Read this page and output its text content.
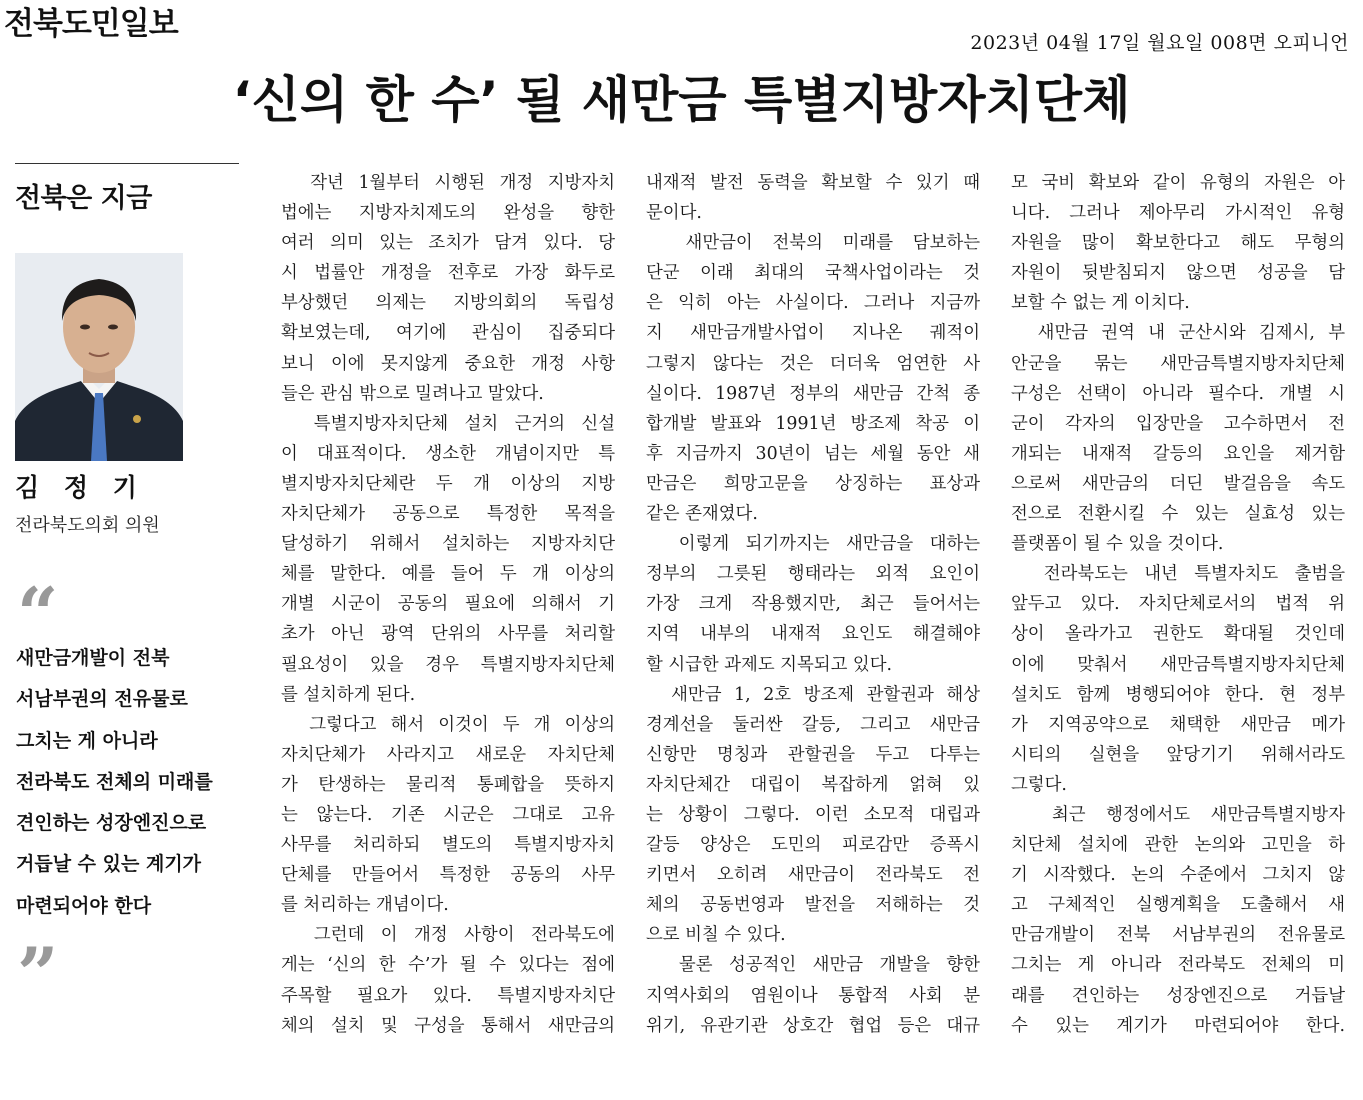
전북도민일보
2023년 04월 17일 월요일 008면 오피니언
‘신의 한 수’ 될 새만금 특별지방자치단체
전북은 지금
김 정 기
전라북도의회 의원
“
새만금개발이 전북
서남부권의 전유물로
그치는 게 아니라
전라북도 전체의 미래를
견인하는 성장엔진으로
거듭날 수 있는 계기가
마련되어야 한다
”
작년 1월부터 시행된 개정 지방자치
법에는 지방자치제도의 완성을 향한
여러 의미 있는 조치가 담겨 있다. 당
시 법률안 개정을 전후로 가장 화두로
부상했던 의제는 지방의회의 독립성
확보였는데, 여기에 관심이 집중되다
보니 이에 못지않게 중요한 개정 사항
들은 관심 밖으로 밀려나고 말았다.
특별지방자치단체 설치 근거의 신설
이 대표적이다. 생소한 개념이지만 특
별지방자치단체란 두 개 이상의 지방
자치단체가 공동으로 특정한 목적을
달성하기 위해서 설치하는 지방자치단
체를 말한다. 예를 들어 두 개 이상의
개별 시군이 공동의 필요에 의해서 기
초가 아닌 광역 단위의 사무를 처리할
필요성이 있을 경우 특별지방자치단체
를 설치하게 된다.
그렇다고 해서 이것이 두 개 이상의
자치단체가 사라지고 새로운 자치단체
가 탄생하는 물리적 통폐합을 뜻하지
는 않는다. 기존 시군은 그대로 고유
사무를 처리하되 별도의 특별지방자치
단체를 만들어서 특정한 공동의 사무
를 처리하는 개념이다.
그런데 이 개정 사항이 전라북도에
게는 ‘신의 한 수’가 될 수 있다는 점에
주목할 필요가 있다. 특별지방자치단
체의 설치 및 구성을 통해서 새만금의
내재적 발전 동력을 확보할 수 있기 때
문이다.
새만금이 전북의 미래를 담보하는
단군 이래 최대의 국책사업이라는 것
은 익히 아는 사실이다. 그러나 지금까
지 새만금개발사업이 지나온 궤적이
그렇지 않다는 것은 더더욱 엄연한 사
실이다. 1987년 정부의 새만금 간척 종
합개발 발표와 1991년 방조제 착공 이
후 지금까지 30년이 넘는 세월 동안 새
만금은 희망고문을 상징하는 표상과
같은 존재였다.
이렇게 되기까지는 새만금을 대하는
정부의 그릇된 행태라는 외적 요인이
가장 크게 작용했지만, 최근 들어서는
지역 내부의 내재적 요인도 해결해야
할 시급한 과제도 지목되고 있다.
새만금 1, 2호 방조제 관할권과 해상
경계선을 둘러싼 갈등, 그리고 새만금
신항만 명칭과 관할권을 두고 다투는
자치단체간 대립이 복잡하게 얽혀 있
는 상황이 그렇다. 이런 소모적 대립과
갈등 양상은 도민의 피로감만 증폭시
키면서 오히려 새만금이 전라북도 전
체의 공동번영과 발전을 저해하는 것
으로 비칠 수 있다.
물론 성공적인 새만금 개발을 향한
지역사회의 염원이나 통합적 사회 분
위기, 유관기관 상호간 협업 등은 대규
모 국비 확보와 같이 유형의 자원은 아
니다. 그러나 제아무리 가시적인 유형
자원을 많이 확보한다고 해도 무형의
자원이 뒷받침되지 않으면 성공을 담
보할 수 없는 게 이치다.
새만금 권역 내 군산시와 김제시, 부
안군을 묶는 새만금특별지방자치단체
구성은 선택이 아니라 필수다. 개별 시
군이 각자의 입장만을 고수하면서 전
개되는 내재적 갈등의 요인을 제거함
으로써 새만금의 더딘 발걸음을 속도
전으로 전환시킬 수 있는 실효성 있는
플랫폼이 될 수 있을 것이다.
전라북도는 내년 특별자치도 출범을
앞두고 있다. 자치단체로서의 법적 위
상이 올라가고 권한도 확대될 것인데
이에 맞춰서 새만금특별지방자치단체
설치도 함께 병행되어야 한다. 현 정부
가 지역공약으로 채택한 새만금 메가
시티의 실현을 앞당기기 위해서라도
그렇다.
최근 행정에서도 새만금특별지방자
치단체 설치에 관한 논의와 고민을 하
기 시작했다. 논의 수준에서 그치지 않
고 구체적인 실행계획을 도출해서 새
만금개발이 전북 서남부권의 전유물로
그치는 게 아니라 전라북도 전체의 미
래를 견인하는 성장엔진으로 거듭날
수 있는 계기가 마련되어야 한다.
